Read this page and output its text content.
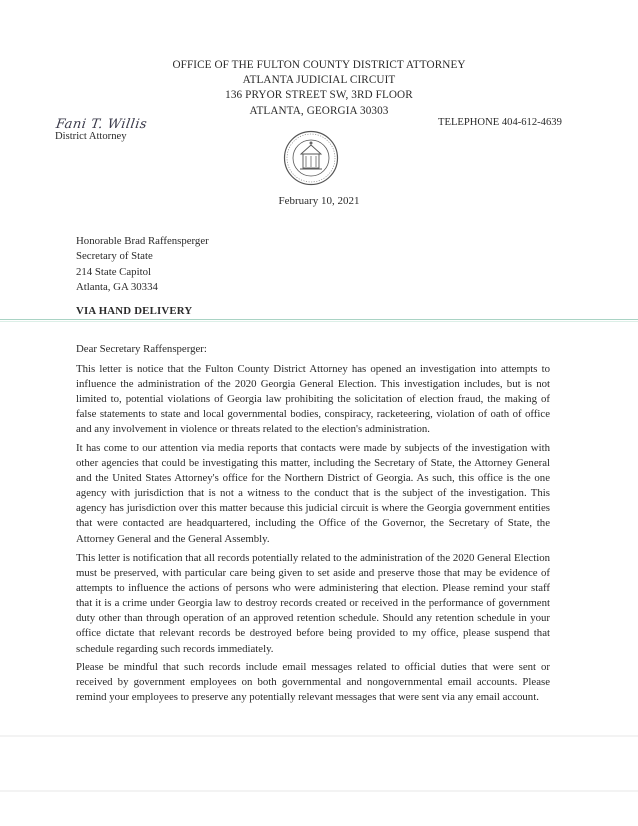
OFFICE OF THE FULTON COUNTY DISTRICT ATTORNEY
ATLANTA JUDICIAL CIRCUIT
136 PRYOR STREET SW, 3RD FLOOR
ATLANTA, GEORGIA 30303
Fani T. Willis
District Attorney
TELEPHONE 404-612-4639
February 10, 2021
Honorable Brad Raffensperger
Secretary of State
214 State Capitol
Atlanta, GA 30334
VIA HAND DELIVERY
Dear Secretary Raffensperger:
This letter is notice that the Fulton County District Attorney has opened an investigation into attempts to influence the administration of the 2020 Georgia General Election. This investigation includes, but is not limited to, potential violations of Georgia law prohibiting the solicitation of election fraud, the making of false statements to state and local governmental bodies, conspiracy, racketeering, violation of oath of office and any involvement in violence or threats related to the election's administration.
It has come to our attention via media reports that contacts were made by subjects of the investigation with other agencies that could be investigating this matter, including the Secretary of State, the Attorney General and the United States Attorney's office for the Northern District of Georgia. As such, this office is the one agency with jurisdiction that is not a witness to the conduct that is the subject of the investigation. This agency has jurisdiction over this matter because this judicial circuit is where the Georgia government entities that were contacted are headquartered, including the Office of the Governor, the Secretary of State, the Attorney General and the General Assembly.
This letter is notification that all records potentially related to the administration of the 2020 General Election must be preserved, with particular care being given to set aside and preserve those that may be evidence of attempts to influence the actions of persons who were administering that election. Please remind your staff that it is a crime under Georgia law to destroy records created or received in the performance of government duty other than through operation of an approved retention schedule. Should any retention schedule in your office dictate that relevant records be destroyed before being provided to my office, please suspend that schedule regarding such records immediately.
Please be mindful that such records include email messages related to official duties that were sent or received by government employees on both governmental and nongovernmental email accounts. Please remind your employees to preserve any potentially relevant messages that were sent via any email account.
